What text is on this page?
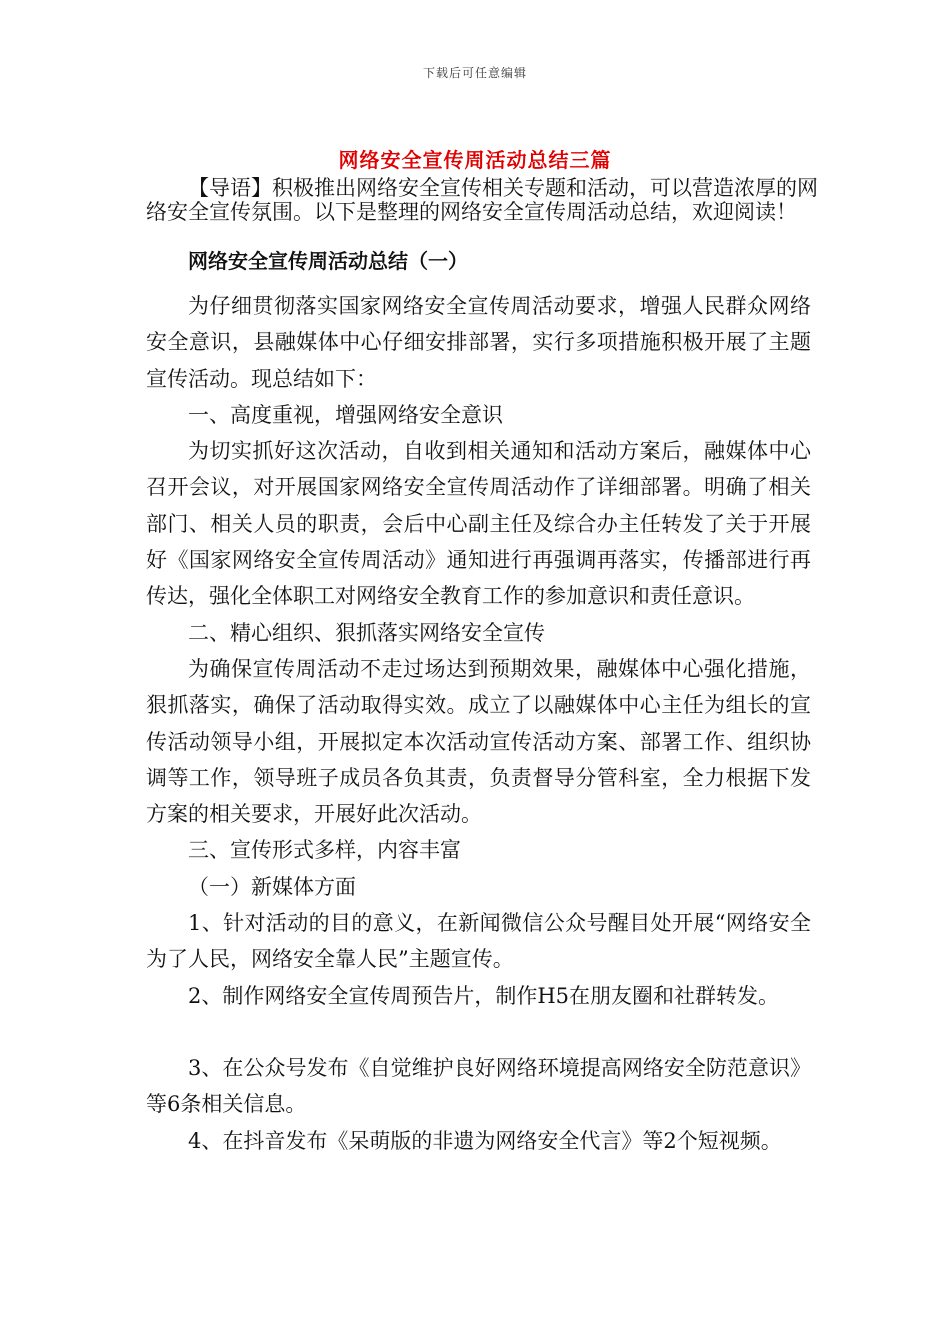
下载后可任意编辑
网络安全宣传周活动总结三篇

【导语】积极推出网络安全宣传相关专题和活动，可以营造浓厚的网络安全宣传氛围。以下是整理的网络安全宣传周活动总结，欢迎阅读！

网络安全宣传周活动总结（一）

为仔细贯彻落实国家网络安全宣传周活动要求，增强人民群众网络安全意识，县融媒体中心仔细安排部署，实行多项措施积极开展了主题宣传活动。现总结如下：

一、高度重视，增强网络安全意识

为切实抓好这次活动，自收到相关通知和活动方案后，融媒体中心召开会议，对开展国家网络安全宣传周活动作了详细部署。明确了相关部门、相关人员的职责，会后中心副主任及综合办主任转发了关于开展好《国家网络安全宣传周活动》通知进行再强调再落实，传播部进行再传达，强化全体职工对网络安全教育工作的参加意识和责任意识。

二、精心组织、狠抓落实网络安全宣传

为确保宣传周活动不走过场达到预期效果，融媒体中心强化措施，狠抓落实，确保了活动取得实效。成立了以融媒体中心主任为组长的宣传活动领导小组，开展拟定本次活动宣传活动方案、部署工作、组织协调等工作，领导班子成员各负其责，负责督导分管科室，全力根据下发方案的相关要求，开展好此次活动。

三、宣传形式多样，内容丰富

（一）新媒体方面

1、针对活动的目的意义，在新闻微信公众号醒目处开展“网络安全为了人民，网络安全靠人民”主题宣传。

2、制作网络安全宣传周预告片，制作H5在朋友圈和社群转发。

3、在公众号发布《自觉维护良好网络环境提高网络安全防范意识》等6条相关信息。

4、在抖音发布《呆萌版的非遗为网络安全代言》等2个短视频。
